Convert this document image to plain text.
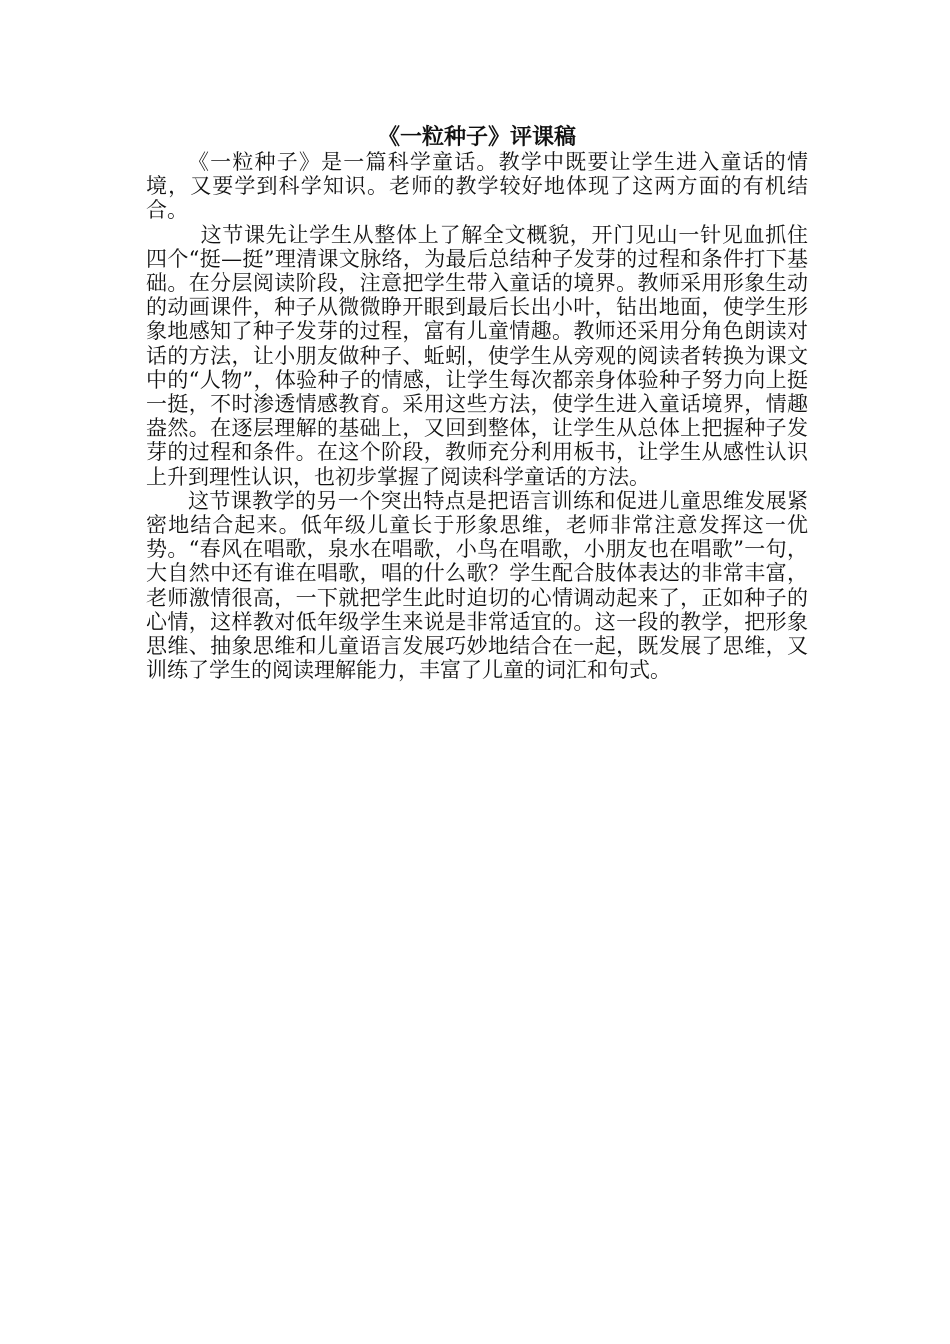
《一粒种子》评课稿

《一粒种子》是一篇科学童话。教学中既要让学生进入童话的情境，又要学到科学知识。老师的教学较好地体现了这两方面的有机结合。

这节课先让学生从整体上了解全文概貌，开门见山一针见血抓住四个“挺—挺”理清课文脉络，为最后总结种子发芽的过程和条件打下基础。在分层阅读阶段，注意把学生带入童话的境界。教师采用形象生动的动画课件，种子从微微睁开眼到最后长出小叶，钻出地面，使学生形象地感知了种子发芽的过程，富有儿童情趣。教师还采用分角色朗读对话的方法，让小朋友做种子、蚯蚓，使学生从旁观的阅读者转换为课文中的“人物”，体验种子的情感，让学生每次都亲身体验种子努力向上挺一挺，不时渗透情感教育。采用这些方法，使学生进入童话境界，情趣盎然。在逐层理解的基础上，又回到整体，让学生从总体上把握种子发芽的过程和条件。在这个阶段，教师充分利用板书，让学生从感性认识上升到理性认识，也初步掌握了阅读科学童话的方法。

这节课教学的另一个突出特点是把语言训练和促进儿童思维发展紧密地结合起来。低年级儿童长于形象思维，老师非常注意发挥这一优势。“春风在唱歌，泉水在唱歌，小鸟在唱歌，小朋友也在唱歌”一句，大自然中还有谁在唱歌，唱的什么歌？学生配合肢体表达的非常丰富，老师激情很高，一下就把学生此时迫切的心情调动起来了，正如种子的心情，这样教对低年级学生来说是非常适宜的。这一段的教学，把形象思维、抽象思维和儿童语言发展巧妙地结合在一起，既发展了思维，又训练了学生的阅读理解能力，丰富了儿童的词汇和句式。
